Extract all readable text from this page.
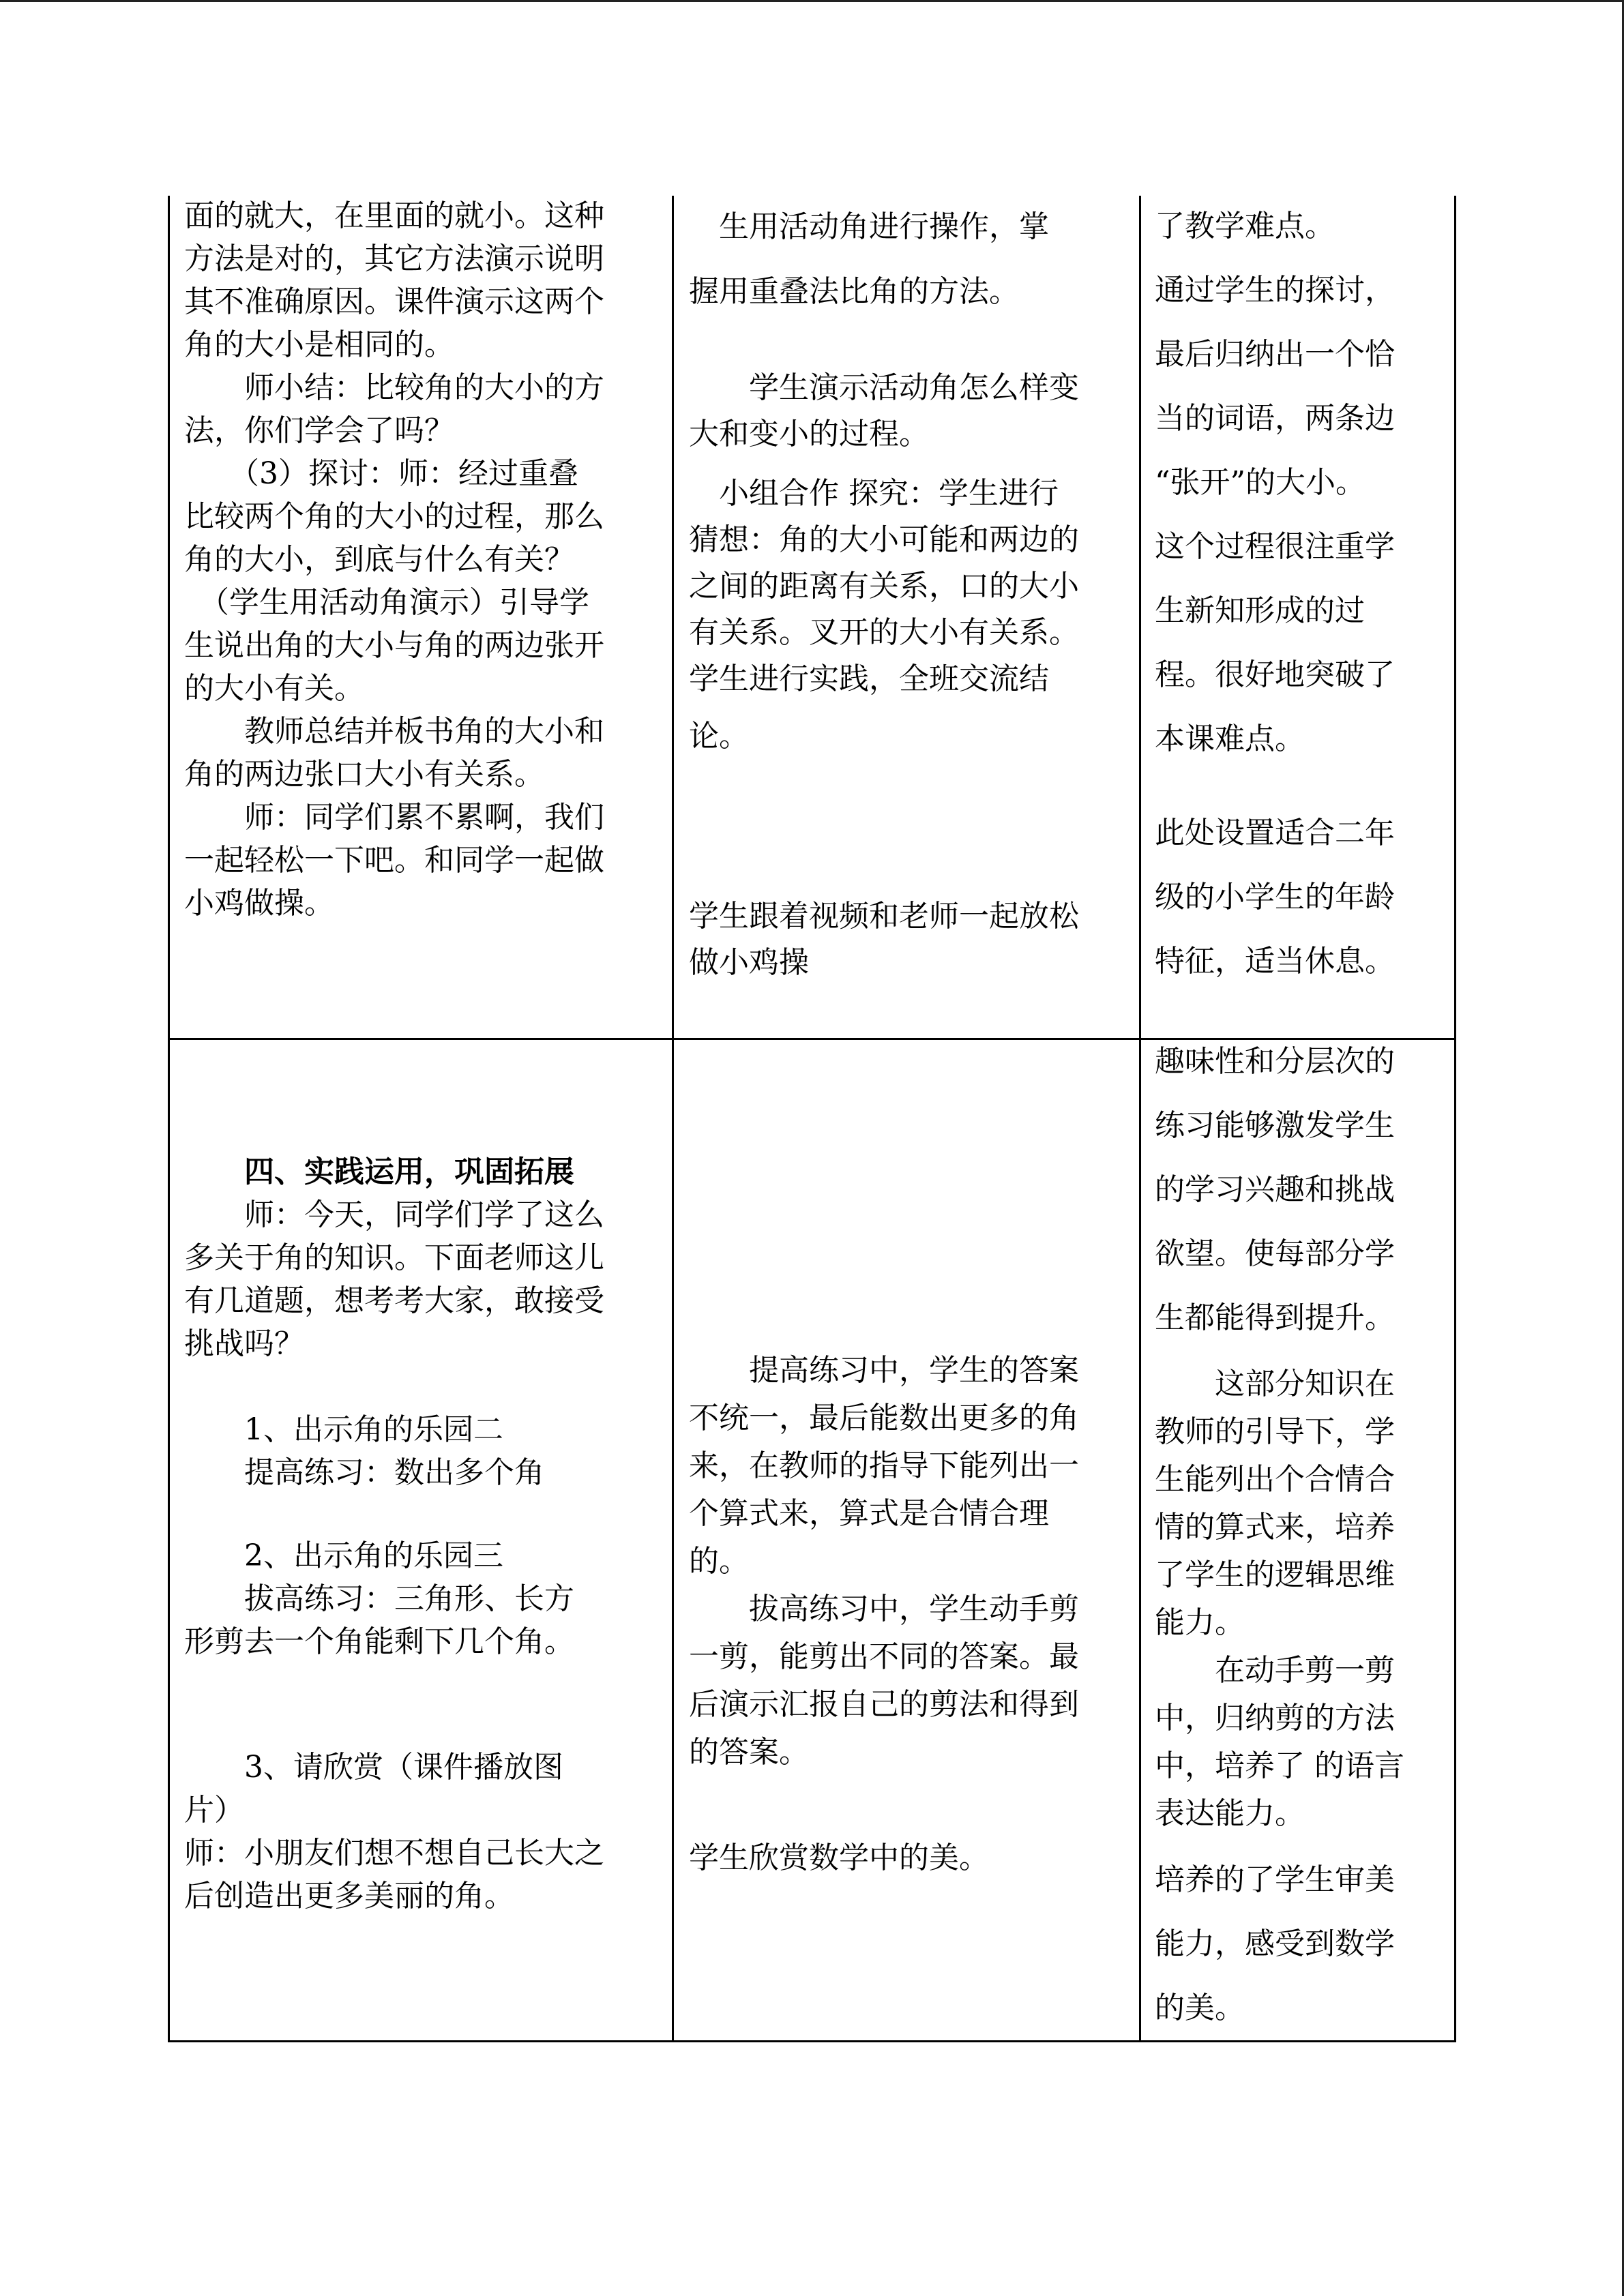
面的就大，在里面的就小。这种

方法是对的，其它方法演示说明

其不准确原因。课件演示这两个

角的大小是相同的。

　　师小结：比较角的大小的方

法，你们学会了吗？

　　（3）探讨：师：经过重叠

比较两个角的大小的过程，那么

角的大小，到底与什么有关？

　（学生用活动角演示）引导学

生说出角的大小与角的两边张开

的大小有关。

　　教师总结并板书角的大小和

角的两边张口大小有关系。

　　师：同学们累不累啊，我们

一起轻松一下吧。和同学一起做

小鸡做操。

　生用活动角进行操作，掌

握用重叠法比角的方法。

　　学生演示活动角怎么样变

大和变小的过程。

　小组合作 探究：学生进行

猜想：角的大小可能和两边的

之间的距离有关系，口的大小

有关系。叉开的大小有关系。

学生进行实践，全班交流结

论。

学生跟着视频和老师一起放松

做小鸡操

了教学难点。

通过学生的探讨，

最后归纳出一个恰

当的词语，两条边

“张开”的大小。

这个过程很注重学

生新知形成的过

程。很好地突破了

本课难点。

此处设置适合二年

级的小学生的年龄

特征，适当休息。

　　四、实践运用，巩固拓展

　　师：今天，同学们学了这么

多关于角的知识。下面老师这儿

有几道题，想考考大家，敢接受

挑战吗？

　　1、出示角的乐园二

　　提高练习：数出多个角

　　2、出示角的乐园三

　　拔高练习：三角形、长方

形剪去一个角能剩下几个角。

　　3、请欣赏（课件播放图

片）

师：小朋友们想不想自己长大之

后创造出更多美丽的角。

　　提高练习中，学生的答案

不统一，最后能数出更多的角

来，在教师的指导下能列出一

个算式来，算式是合情合理

的。

　　拔高练习中，学生动手剪

一剪，能剪出不同的答案。最

后演示汇报自己的剪法和得到

的答案。

学生欣赏数学中的美。

趣味性和分层次的

练习能够激发学生

的学习兴趣和挑战

欲望。使每部分学

生都能得到提升。

　　这部分知识在

教师的引导下，学

生能列出个合情合

情的算式来，培养

了学生的逻辑思维

能力。

　　在动手剪一剪

中，归纳剪的方法

中，培养了 的语言

表达能力。

培养的了学生审美

能力，感受到数学

的美。
